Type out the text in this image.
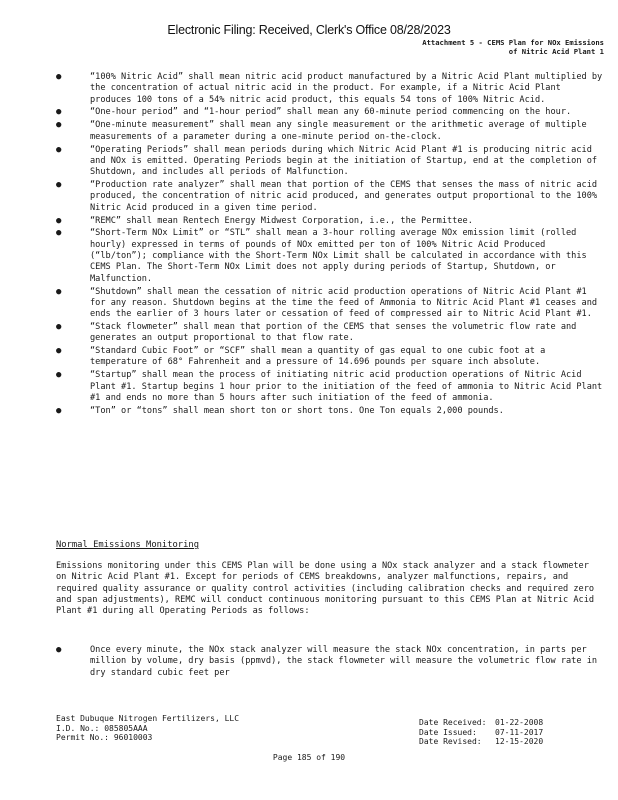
Electronic Filing: Received, Clerk's Office 08/28/2023
Attachment 5 - CEMS Plan for NOx Emissions
of Nitric Acid Plant 1
●	“100% Nitric Acid” shall mean nitric acid product manufactured by a Nitric Acid Plant multiplied by the concentration of actual nitric acid in the product. For example, if a Nitric Acid Plant produces 100 tons of a 54% nitric acid product, this equals 54 tons of 100% Nitric Acid.
●	“One-hour period” and “1-hour period” shall mean any 60-minute period commencing on the hour.
●	“One-minute measurement” shall mean any single measurement or the arithmetic average of multiple measurements of a parameter during a one-minute period on-the-clock.
●	“Operating Periods” shall mean periods during which Nitric Acid Plant #1 is producing nitric acid and NOx is emitted. Operating Periods begin at the initiation of Startup, end at the completion of Shutdown, and includes all periods of Malfunction.
●	“Production rate analyzer” shall mean that portion of the CEMS that senses the mass of nitric acid produced, the concentration of nitric acid produced, and generates output proportional to the 100% Nitric Acid produced in a given time period.
●	“REMC” shall mean Rentech Energy Midwest Corporation, i.e., the Permittee.
●	“Short-Term NOx Limit” or “STL” shall mean a 3-hour rolling average NOx emission limit (rolled hourly) expressed in terms of pounds of NOx emitted per ton of 100% Nitric Acid Produced (“lb/ton”); compliance with the Short-Term NOx Limit shall be calculated in accordance with this CEMS Plan. The Short-Term NOx Limit does not apply during periods of Startup, Shutdown, or Malfunction.
●	“Shutdown” shall mean the cessation of nitric acid production operations of Nitric Acid Plant #1 for any reason. Shutdown begins at the time the feed of Ammonia to Nitric Acid Plant #1 ceases and ends the earlier of 3 hours later or cessation of feed of compressed air to Nitric Acid Plant #1.
●	“Stack flowmeter” shall mean that portion of the CEMS that senses the volumetric flow rate and generates an output proportional to that flow rate.
●	“Standard Cubic Foot” or “SCF” shall mean a quantity of gas equal to one cubic foot at a temperature of 68° Fahrenheit and a pressure of 14.696 pounds per square inch absolute.
●	“Startup” shall mean the process of initiating nitric acid production operations of Nitric Acid Plant #1. Startup begins 1 hour prior to the initiation of the feed of ammonia to Nitric Acid Plant #1 and ends no more than 5 hours after such initiation of the feed of ammonia.
●	“Ton” or “tons” shall mean short ton or short tons. One Ton equals 2,000 pounds.
Normal Emissions Monitoring

Emissions monitoring under this CEMS Plan will be done using a NOx stack analyzer and a stack flowmeter on Nitric Acid Plant #1. Except for periods of CEMS breakdowns, analyzer malfunctions, repairs, and required quality assurance or quality control activities (including calibration checks and required zero and span adjustments), REMC will conduct continuous monitoring pursuant to this CEMS Plan at Nitric Acid Plant #1 during all Operating Periods as follows:

●	Once every minute, the NOx stack analyzer will measure the stack NOx concentration, in parts per million by volume, dry basis (ppmvd), the stack flowmeter will measure the volumetric flow rate in dry standard cubic feet per
East Dubuque Nitrogen Fertilizers, LLC
I.D. No.: 085805AAA
Permit No.: 96010003
Date Received:	01-22-2008
Date Issued:	07-11-2017
Date Revised:	12-15-2020
Page 185 of 190
